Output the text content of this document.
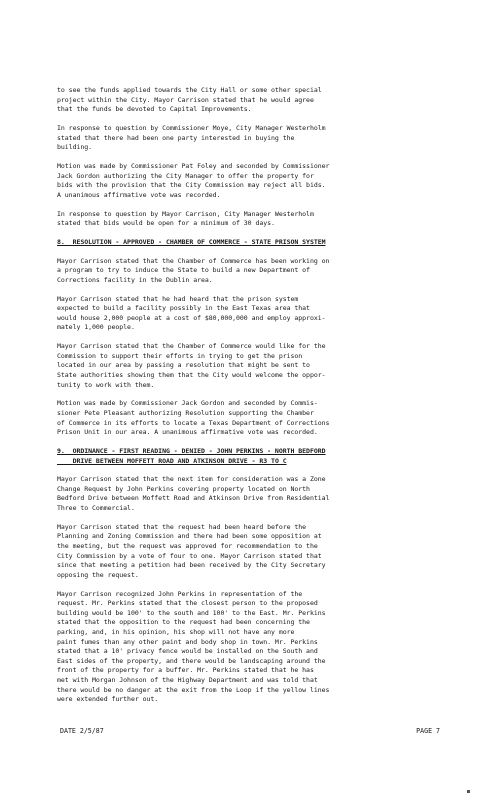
to see the funds applied towards the City Hall or some other special
project within the City. Mayor Carrison stated that he would agree
that the funds be devoted to Capital Improvements.

In response to question by Commissioner Moye, City Manager Westerholm
stated that there had been one party interested in buying the
building.

Motion was made by Commissioner Pat Foley and seconded by Commissioner
Jack Gordon authorizing the City Manager to offer the property for
bids with the provision that the City Commission may reject all bids.
A unanimous affirmative vote was recorded.

In response to question by Mayor Carrison, City Manager Westerholm
stated that bids would be open for a minimum of 30 days.

8.  RESOLUTION - APPROVED - CHAMBER OF COMMERCE - STATE PRISON SYSTEM

Mayor Carrison stated that the Chamber of Commerce has been working on
a program to try to induce the State to build a new Department of
Corrections facility in the Dublin area.

Mayor Carrison stated that he had heard that the prison system
expected to build a facility possibly in the East Texas area that
would house 2,000 people at a cost of $80,000,000 and employ approxi-
mately 1,000 people.

Mayor Carrison stated that the Chamber of Commerce would like for the
Commission to support their efforts in trying to get the prison
located in our area by passing a resolution that might be sent to
State authorities showing them that the City would welcome the oppor-
tunity to work with them.

Motion was made by Commissioner Jack Gordon and seconded by Commis-
sioner Pete Pleasant authorizing Resolution supporting the Chamber
of Commerce in its efforts to locate a Texas Department of Corrections
Prison Unit in our area. A unanimous affirmative vote was recorded.

9.  ORDINANCE - FIRST READING - DENIED - JOHN PERKINS - NORTH BEDFORD
DRIVE BETWEEN MOFFETT ROAD AND ATKINSON DRIVE - R3 TO C

Mayor Carrison stated that the next item for consideration was a Zone
Change Request by John Perkins covering property located on North
Bedford Drive between Moffett Road and Atkinson Drive from Residential
Three to Commercial.

Mayor Carrison stated that the request had been heard before the
Planning and Zoning Commission and there had been some opposition at
the meeting, but the request was approved for recommendation to the
City Commission by a vote of four to one. Mayor Carrison stated that
since that meeting a petition had been received by the City Secretary
opposing the request.

Mayor Carrison recognized John Perkins in representation of the
request. Mr. Perkins stated that the closest person to the proposed
building would be 100' to the south and 100' to the East. Mr. Perkins
stated that the opposition to the request had been concerning the
parking, and, in his opinion, his shop will not have any more
paint fumes than any other paint and body shop in town. Mr. Perkins
stated that a 10' privacy fence would be installed on the South and
East sides of the property, and there would be landscaping around the
front of the property for a buffer. Mr. Perkins stated that he has
met with Morgan Johnson of the Highway Department and was told that
there would be no danger at the exit from the Loop if the yellow lines
were extended further out.

DATE 2/5/87	PAGE 7
